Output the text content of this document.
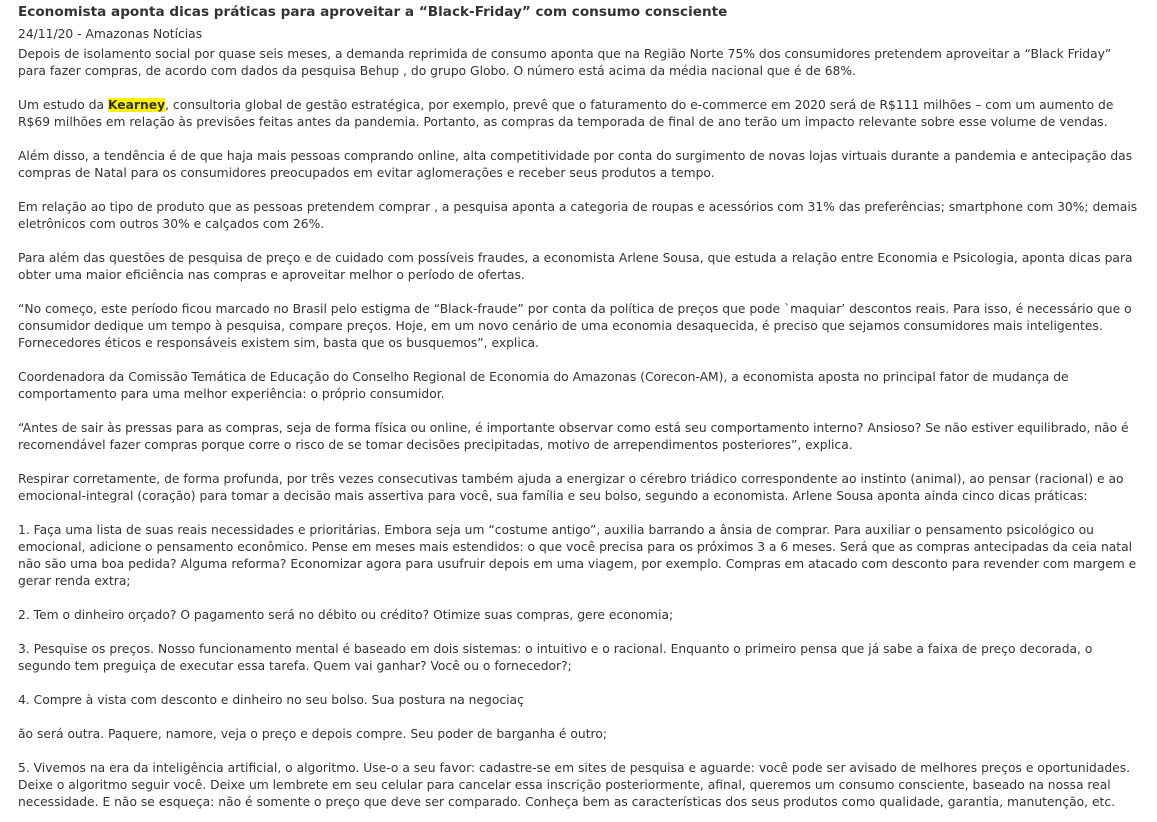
Economista aponta dicas práticas para aproveitar a “Black-Friday” com consumo consciente
24/11/20 - Amazonas Notícias

Depois de isolamento social por quase seis meses, a demanda reprimida de consumo aponta que na Região Norte 75% dos consumidores pretendem aproveitar a “Black Friday” para fazer compras, de acordo com dados da pesquisa Behup , do grupo Globo. O número está acima da média nacional que é de 68%.

Um estudo da Kearney, consultoria global de gestão estratégica, por exemplo, prevê que o faturamento do e-commerce em 2020 será de R$111 milhões – com um aumento de R$69 milhões em relação às previsões feitas antes da pandemia. Portanto, as compras da temporada de final de ano terão um impacto relevante sobre esse volume de vendas.

Além disso, a tendência é de que haja mais pessoas comprando online, alta competitividade por conta do surgimento de novas lojas virtuais durante a pandemia e antecipação das compras de Natal para os consumidores preocupados em evitar aglomerações e receber seus produtos a tempo.

Em relação ao tipo de produto que as pessoas pretendem comprar , a pesquisa aponta a categoria de roupas e acessórios com 31% das preferências; smartphone com 30%; demais eletrônicos com outros 30% e calçados com 26%.

Para além das questões de pesquisa de preço e de cuidado com possíveis fraudes, a economista Arlene Sousa, que estuda a relação entre Economia e Psicologia, aponta dicas para obter uma maior eficiência nas compras e aproveitar melhor o período de ofertas.

“No começo, este período ficou marcado no Brasil pelo estigma de “Black-fraude” por conta da política de preços que pode `maquiar’ descontos reais. Para isso, é necessário que o consumidor dedique um tempo à pesquisa, compare preços. Hoje, em um novo cenário de uma economia desaquecida, é preciso que sejamos consumidores mais inteligentes. Fornecedores éticos e responsáveis existem sim, basta que os busquemos”, explica.

Coordenadora da Comissão Temática de Educação do Conselho Regional de Economia do Amazonas (Corecon-AM), a economista aposta no principal fator de mudança de comportamento para uma melhor experiência: o próprio consumidor.

“Antes de sair às pressas para as compras, seja de forma física ou online, é importante observar como está seu comportamento interno? Ansioso? Se não estiver equilibrado, não é recomendável fazer compras porque corre o risco de se tomar decisões precipitadas, motivo de arrependimentos posteriores”, explica.

Respirar corretamente, de forma profunda, por três vezes consecutivas também ajuda a energizar o cérebro triádico correspondente ao instinto (animal), ao pensar (racional) e ao emocional-integral (coração) para tomar a decisão mais assertiva para você, sua família e seu bolso, segundo a economista. Arlene Sousa aponta ainda cinco dicas práticas:

1. Faça uma lista de suas reais necessidades e prioritárias. Embora seja um “costume antigo”, auxilia barrando a ânsia de comprar. Para auxiliar o pensamento psicológico ou emocional, adicione o pensamento econômico. Pense em meses mais estendidos: o que você precisa para os próximos 3 a 6 meses. Será que as compras antecipadas da ceia natal não são uma boa pedida? Alguma reforma? Economizar agora para usufruir depois em uma viagem, por exemplo. Compras em atacado com desconto para revender com margem e gerar renda extra;

2. Tem o dinheiro orçado? O pagamento será no débito ou crédito? Otimize suas compras, gere economia;

3. Pesquise os preços. Nosso funcionamento mental é baseado em dois sistemas: o intuitivo e o racional. Enquanto o primeiro pensa que já sabe a faixa de preço decorada, o segundo tem preguiça de executar essa tarefa. Quem vai ganhar? Você ou o fornecedor?;

4. Compre à vista com desconto e dinheiro no seu bolso. Sua postura na negociaç

ão será outra. Paquere, namore, veja o preço e depois compre. Seu poder de barganha é outro;

5. Vivemos na era da inteligência artificial, o algoritmo. Use-o a seu favor: cadastre-se em sites de pesquisa e aguarde: você pode ser avisado de melhores preços e oportunidades. Deixe o algoritmo seguir você. Deixe um lembrete em seu celular para cancelar essa inscrição posteriormente, afinal, queremos um consumo consciente, baseado na nossa real necessidade. E não se esqueça: não é somente o preço que deve ser comparado. Conheça bem as características dos seus produtos como qualidade, garantia, manutenção, etc.
